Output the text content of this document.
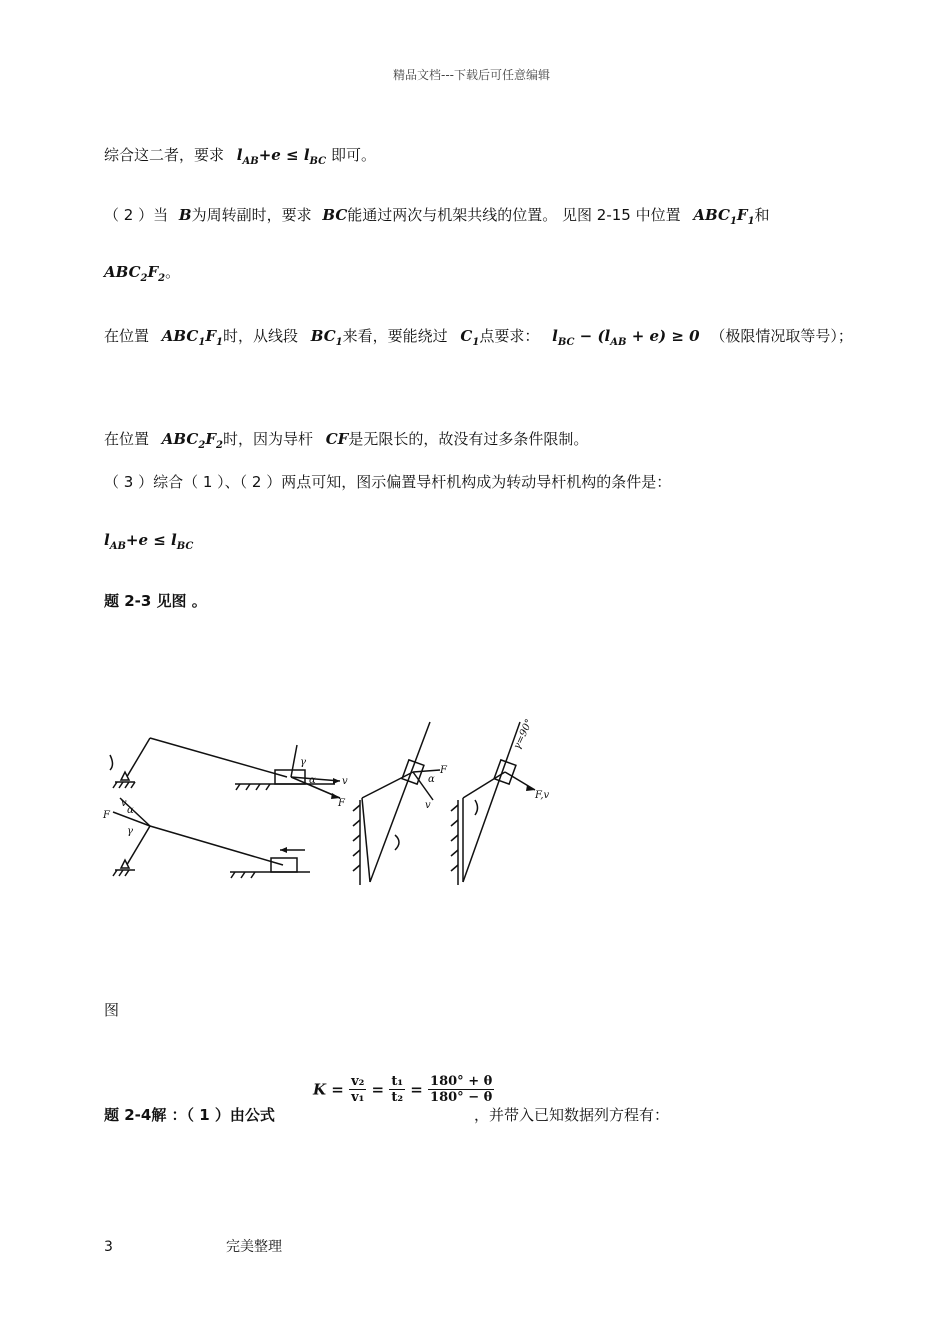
精品文档---下载后可任意编辑
综合这二者，要求 $l_{AB}+e \le l_{BC}$ 即可。
（ 2 ）当 B为周转副时，要求 BC能通过两次与机架共线的位置。 见图 2-15 中位置 $ABC_1F_1$和
$ABC_2F_2$。
在位置 $ABC_1F_1$时，从线段 $BC_1$来看，要能绕过 $C_1$点要求： $l_{BC} - (l_{AB} + e) \ge 0$ （极限情况取等号）；
在位置 $ABC_2F_2$时，因为导杆 CF是无限长的，故没有过多条件限制。
（ 3 ）综合（ 1 ）、（ 2 ）两点可知，图示偏置导杆机构成为转动导杆机构的条件是：
$l_{AB}+e \le l_{BC}$
题 2-3 见图 。
v
F
α
γ
v
F α
γ
F
α
v
F,v
γ=90°
图
题 2-4解 ：（ 1 ）由公式
$K = \frac{\text{v₂}}{\text{v₁}} = \frac{\text{t₁}}{\text{t₂}} = \frac{180^\circ + \theta}{180^\circ - \theta}$
，并带入已知数据列方程有：
3	完美整理
